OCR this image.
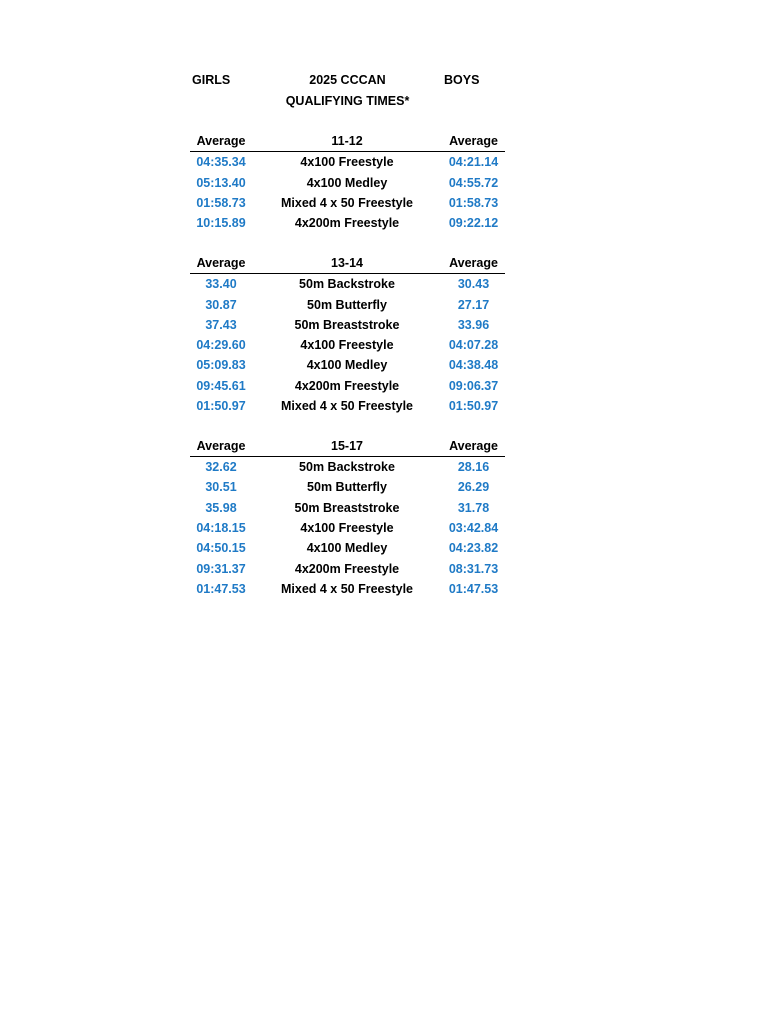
GIRLS	2025 CCCAN
QUALIFYING TIMES*
BOYS
Average	11-12	Average
04:35.34	4x100 Freestyle	04:21.14
05:13.40	4x100 Medley	04:55.72
01:58.73	Mixed 4 x 50 Freestyle	01:58.73
10:15.89	4x200m Freestyle	09:22.12
Average	13-14	Average
33.40	50m Backstroke	30.43
30.87	50m Butterfly	27.17
37.43	50m Breaststroke	33.96
04:29.60	4x100 Freestyle	04:07.28
05:09.83	4x100 Medley	04:38.48
09:45.61	4x200m Freestyle	09:06.37
01:50.97	Mixed 4 x 50 Freestyle	01:50.97
Average	15-17	Average
32.62	50m Backstroke	28.16
30.51	50m Butterfly	26.29
35.98	50m Breaststroke	31.78
04:18.15	4x100 Freestyle	03:42.84
04:50.15	4x100 Medley	04:23.82
09:31.37	4x200m Freestyle	08:31.73
01:47.53	Mixed 4 x 50 Freestyle	01:47.53
